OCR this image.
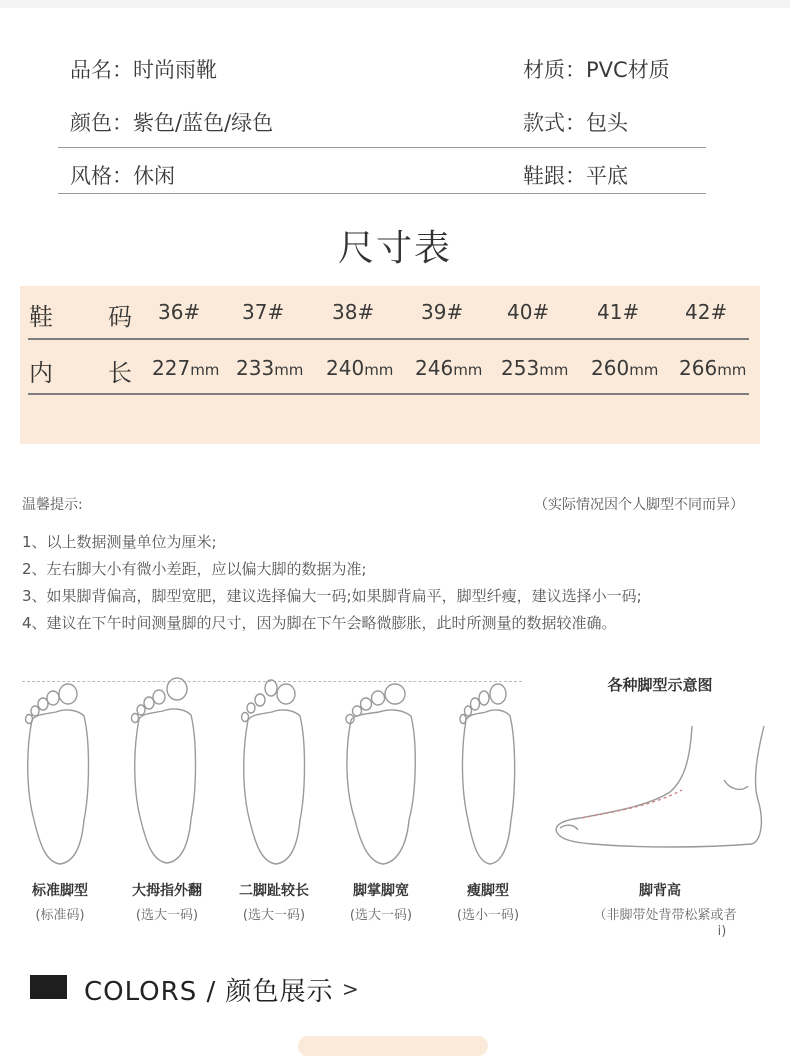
品名：时尚雨靴	材质：PVC材质
颜色：紫色/蓝色/绿色	款式：包头
风格：休闲	鞋跟：平底
尺寸表
鞋 码 36# 37# 38# 39# 40# 41# 42#
内 长 227mm 233mm 240mm 246mm 253mm 260mm 266mm
温馨提示:	（实际情况因个人脚型不同而异）
1、以上数据测量单位为厘米;
2、左右脚大小有微小差距，应以偏大脚的数据为准;
3、如果脚背偏高，脚型宽肥，建议选择偏大一码;如果脚背扁平，脚型纤瘦，建议选择小一码;
4、建议在下午时间测量脚的尺寸，因为脚在下午会略微膨胀，此时所测量的数据较准确。
各种脚型示意图
标准脚型
(标准码)
大拇指外翻
(选大一码)
二脚趾较长
(选大一码)
脚掌脚宽
(选大一码)
瘦脚型
(选小一码)
脚背高
（非脚带处背带松紧或者
i)
COLORS / 颜色展示 >
